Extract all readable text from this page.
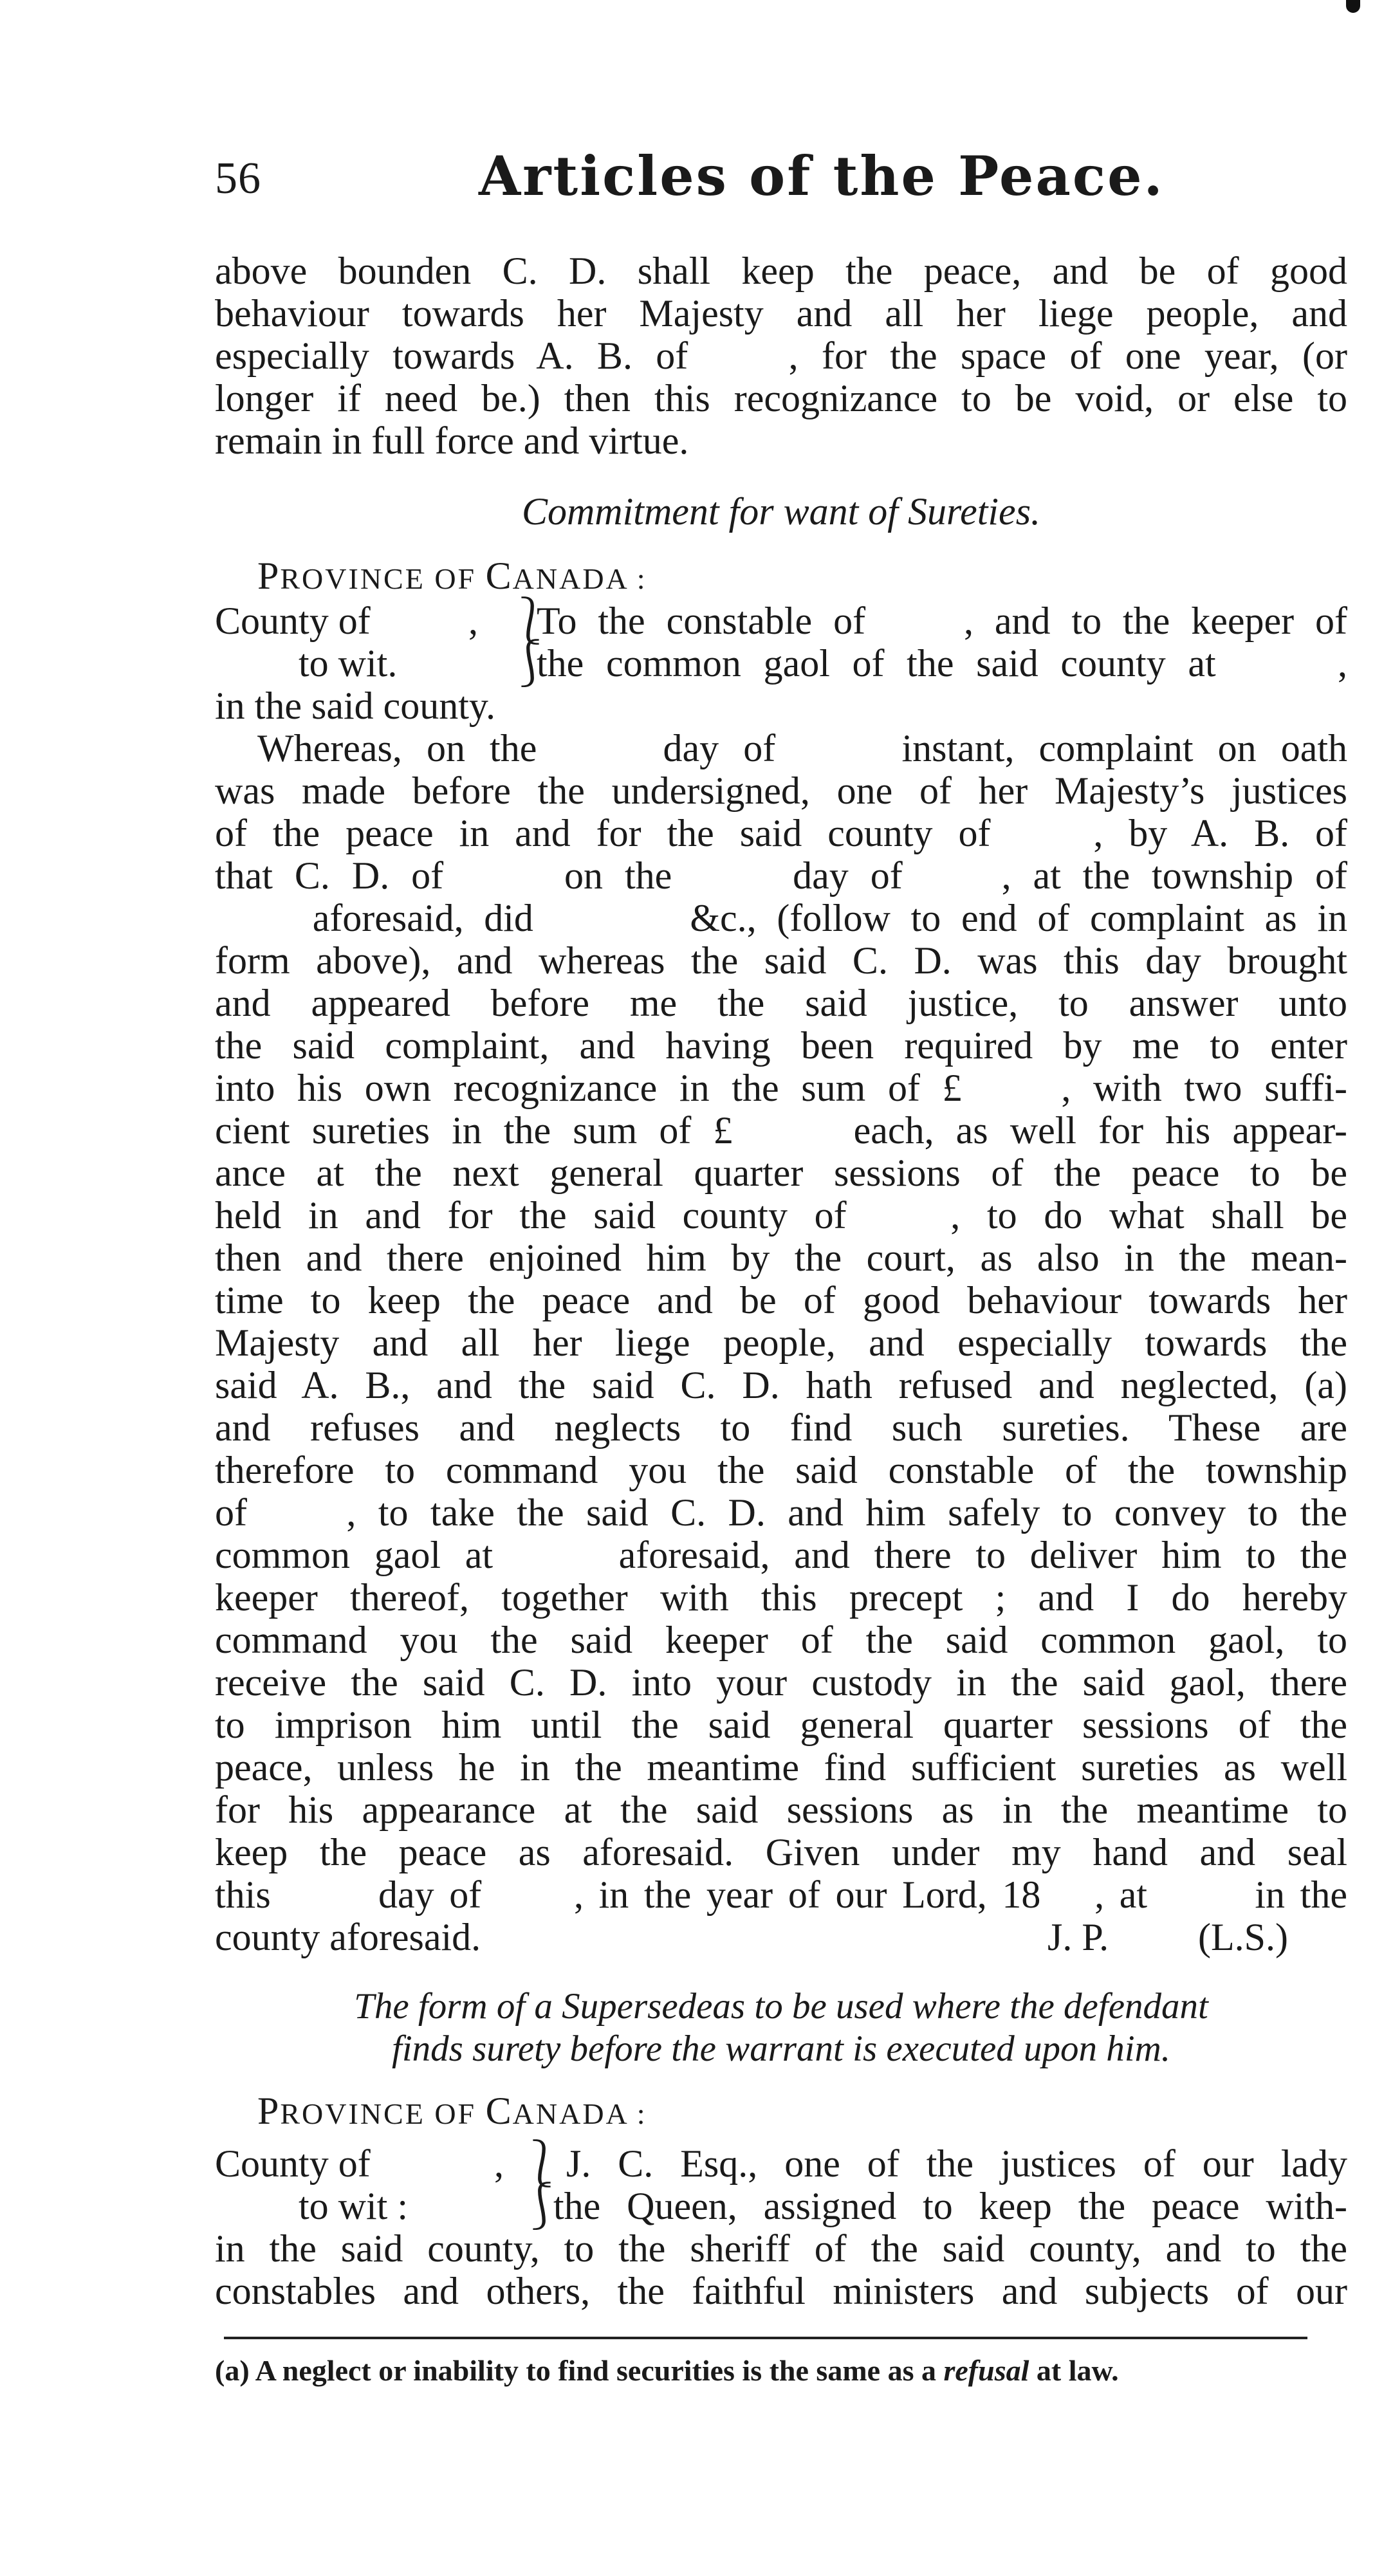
56	Articles of the Peace.
above bounden C. D. shall keep the peace, and be of good
behaviour towards her Majesty and all her liege people, and
especially towards A. B. of   , for the space of one year, (or
longer if need be.) then this recognizance to be void, or else to
remain in full force and virtue.
Commitment for want of Sureties.
PROVINCE OF CANADA :
County of	, ⎱
To the constable of   , and to the keeper of
to wit.	⎰
the common gaol of the said county at    ,
in the said county.
Whereas, on the    day of    instant, complaint on oath
was made before the undersigned, one of her Majesty’s justices
of the peace in and for the said county of   , by A. B. of
that C. D. of    on the    day of   , at the township of
   aforesaid, did     &c., (follow to end of complaint as in
form above), and whereas the said C. D. was this day brought
and appeared before me the said justice, to answer unto
the said complaint, and having been required by me to enter
into his own recognizance in the sum of £   , with two suffi-
cient sureties in the sum of £    each, as well for his appear-
ance at the next general quarter sessions of the peace to be
held in and for the said county of   , to do what shall be
then and there enjoined him by the court, as also in the mean-
time to keep the peace and be of good behaviour towards her
Majesty and all her liege people, and especially towards the
said A. B., and the said C. D. hath refused and neglected, (a)
and refuses and neglects to find such sureties. These are
therefore to command you the said constable of the township
of   , to take the said C. D. and him safely to convey to the
common gaol at    aforesaid, and there to deliver him to the
keeper thereof, together with this precept ; and I do hereby
command you the said keeper of the said common gaol, to
receive the said C. D. into your custody in the said gaol, there
to imprison him until the said general quarter sessions of the
peace, unless he in the meantime find sufficient sureties as well
for his appearance at the said sessions as in the meantime to
keep the peace as aforesaid. Given under my hand and seal
this    day of   , in the year of our Lord, 18  , at    in the
county aforesaid.	J. P.	(L.S.)
The form of a Supersedeas to be used where the defendant
finds surety before the warrant is executed upon him.
PROVINCE OF CANADA :
County of	, ⎱ J. C. Esq., one of the justices of our lady
to wit :	⎰
the Queen, assigned to keep the peace with-
in the said county, to the sheriff of the said county, and to the
constables and others, the faithful ministers and subjects of our
(a) A neglect or inability to find securities is the same as a refusal at law.
